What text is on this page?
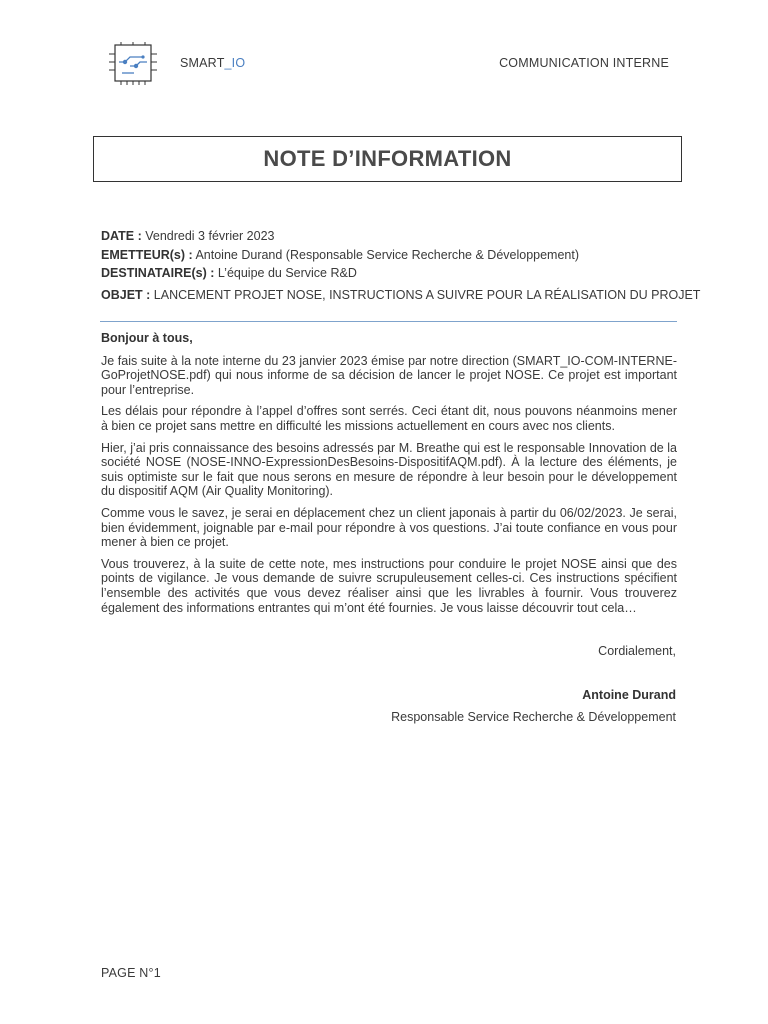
SMART_IO	COMMUNICATION INTERNE
NOTE D’INFORMATION
DATE : Vendredi 3 février 2023
EMETTEUR(s) : Antoine Durand (Responsable Service Recherche & Développement)
DESTINATAIRE(s) : L’équipe du Service R&D
OBJET : LANCEMENT PROJET NOSE, INSTRUCTIONS A SUIVRE POUR LA RÉALISATION DU PROJET

Bonjour à tous,

Je fais suite à la note interne du 23 janvier 2023 émise par notre direction (SMART_IO-COM-INTERNE-GoProjetNOSE.pdf) qui nous informe de sa décision de lancer le projet NOSE. Ce projet est important pour l’entreprise.

Les délais pour répondre à l’appel d’offres sont serrés. Ceci étant dit, nous pouvons néanmoins mener à bien ce projet sans mettre en difficulté les missions actuellement en cours avec nos clients.

Hier, j’ai pris connaissance des besoins adressés par M. Breathe qui est le responsable Innovation de la société NOSE (NOSE-INNO-ExpressionDesBesoins-DispositifAQM.pdf). À la lecture des éléments, je suis optimiste sur le fait que nous serons en mesure de répondre à leur besoin pour le développement du dispositif AQM (Air Quality Monitoring).

Comme vous le savez, je serai en déplacement chez un client japonais à partir du 06/02/2023. Je serai, bien évidemment, joignable par e-mail pour répondre à vos questions. J’ai toute confiance en vous pour mener à bien ce projet.

Vous trouverez, à la suite de cette note, mes instructions pour conduire le projet NOSE ainsi que des points de vigilance. Je vous demande de suivre scrupuleusement celles-ci. Ces instructions spécifient l’ensemble des activités que vous devez réaliser ainsi que les livrables à fournir. Vous trouverez également des informations entrantes qui m’ont été fournies. Je vous laisse découvrir tout cela…

Cordialement,
Antoine Durand
Responsable Service Recherche & Développement
PAGE N°1
